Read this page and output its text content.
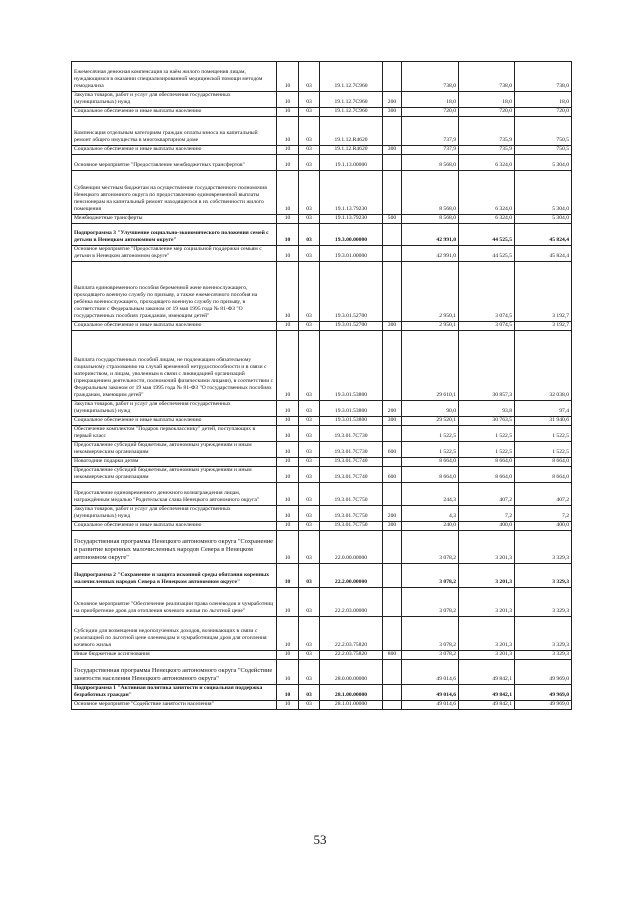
Ежемесячная денежная компенсация за наём жилого помещения лицам, нуждающимся в оказании специализированной медицинской помощи методом гемодиализа	10	03	19.1.12.7С960		738,0	738,0	738,0
Закупка товаров, работ и услуг для обеспечения государственных (муниципальных) нужд	10	03	19.1.12.7С960	200	18,0	18,0	18,0
Социальное обеспечение и иные выплаты населению	10	03	19.1.12.7С960	300	720,0	720,0	720,0
Компенсация отдельным категориям граждан оплаты взноса на капитальный ремонт общего имущества в многоквартирном доме	10	03	19.1.12.R4620		737,9	735,9	750,5
Социальное обеспечение и иные выплаты населению	10	03	19.1.12.R4620	300	737,9	735,9	750,5
Основное мероприятие "Предоставление межбюджетных трансфертов"	10	03	19.1.13.00000		8 568,0	6 324,0	5 304,0
Субвенции местным бюджетам на осуществление государственного полномочия Ненецкого автономного округа по предоставлению единовременной выплаты пенсионерам на капитальный ремонт находящегося в их собственности жилого помещения	10	03	19.1.13.79230		8 568,0	6 324,0	5 304,0
Межбюджетные трансферты	10	03	19.1.13.79230	500	8 568,0	6 324,0	5 304,0
Подпрограмма 3 "Улучшение социально-экономического положения семей с детьми в Ненецком автономном округе"	10	03	19.3.00.00000		42 991,0	44 525,5	45 824,4
Основное мероприятие "Предоставление мер социальной поддержки семьям с детьми в Ненецком автономном округе"	10	03	19.3.01.00000		42 991,0	44 525,5	45 824,4
Выплата единовременного пособия беременной жене военнослужащего, проходящего военную службу по призыву, а также ежемесячного пособия на ребёнка военнослужащего, проходящего военную службу по призыву, в соответствии с Федеральным законом от 19 мая 1995 года № 81-ФЗ "О государственных пособиях гражданам, имеющим детей"	10	03	19.3.01.52700		2 950,1	3 074,5	3 192,7
Социальное обеспечение и иные выплаты населению	10	03	19.3.01.52700	300	2 950,1	3 074,5	3 192,7
Выплата государственных пособий лицам, не подлежащим обязательному социальному страхованию на случай временной нетрудоспособности и в связи с материнством, и лицам, уволенным в связи с ликвидацией организаций (прекращением деятельности, полномочий физическими лицами), в соответствии с Федеральным законом от 19 мая 1995 года № 81-ФЗ "О государственных пособиях гражданам, имеющим детей"	10	03	19.3.01.53800		29 610,1	30 857,3	32 038,0
Закупка товаров, работ и услуг для обеспечения государственных (муниципальных) нужд	10	03	19.3.01.53800	200	90,0	93,8	97,4
Социальное обеспечение и иные выплаты населению	10	03	19.3.01.53800	300	29 520,1	30 763,5	31 940,6
Обеспечение комплектом "Подарок первокласснику" детей, поступающих в первый класс	10	03	19.3.01.7С730		1 522,5	1 522,5	1 522,5
Предоставление субсидий бюджетным, автономным учреждениям и иным некоммерческим организациям	10	03	19.3.01.7С730	600	1 522,5	1 522,5	1 522,5
Новогодние подарки детям	10	03	19.3.01.7С740		8 664,0	8 664,0	8 664,0
Предоставление субсидий бюджетным, автономным учреждениям и иным некоммерческим организациям	10	03	19.3.01.7С740	600	8 664,0	8 664,0	8 664,0
Предоставление единовременного денежного вознаграждения лицам, награждённым медалью "Родительская слава Ненецкого автономного округа"	10	03	19.3.01.7С750		244,3	407,2	407,2
Закупка товаров, работ и услуг для обеспечения государственных (муниципальных) нужд	10	03	19.3.01.7С750	200	4,3	7,2	7,2
Социальное обеспечение и иные выплаты населению	10	03	19.3.01.7С750	300	240,0	400,0	400,0
Государственная программа Ненецкого автономного округа "Сохранение и развитие коренных малочисленных народов Севера в Ненецком автономном округе"	10	03	22.0.00.00000		3 078,2	3 201,3	3 329,3
Подпрограмма 2 "Сохранение и защита исконной среды обитания коренных малочисленных народов Севера в Ненецком автономном округе"	10	03	22.2.00.00000		3 078,2	3 201,3	3 329,3
Основное мероприятие "Обеспечение реализации права оленеводов и чумработниц на приобретение дров для отопления кочевого жилья по льготной цене"	10	03	22.2.03.00000		3 078,2	3 201,3	3 329,3
Субсидии для возмещения недополученных доходов, возникающих в связи с реализацией по льготной цене оленеводам и чумработницам дров для отопления кочевого жилья	10	03	22.2.03.75820		3 078,2	3 201,3	3 329,3
Иные бюджетные ассигнования	10	03	22.2.03.75820	800	3 078,2	3 201,3	3 329,3
Государственная программа Ненецкого автономного округа "Содействие занятости населения Ненецкого автономного округа"	10	03	28.0.00.00000		49 014,6	49 842,1	49 969,0
Подпрограмма 1 "Активная политика занятости и социальная поддержка безработных граждан"	10	03	28.1.00.00000		49 014,6	49 842,1	49 969,0
Основное мероприятие "Содействие занятости населения"	10	03	28.1.01.00000		49 014,6	49 842,1	49 969,0
53
